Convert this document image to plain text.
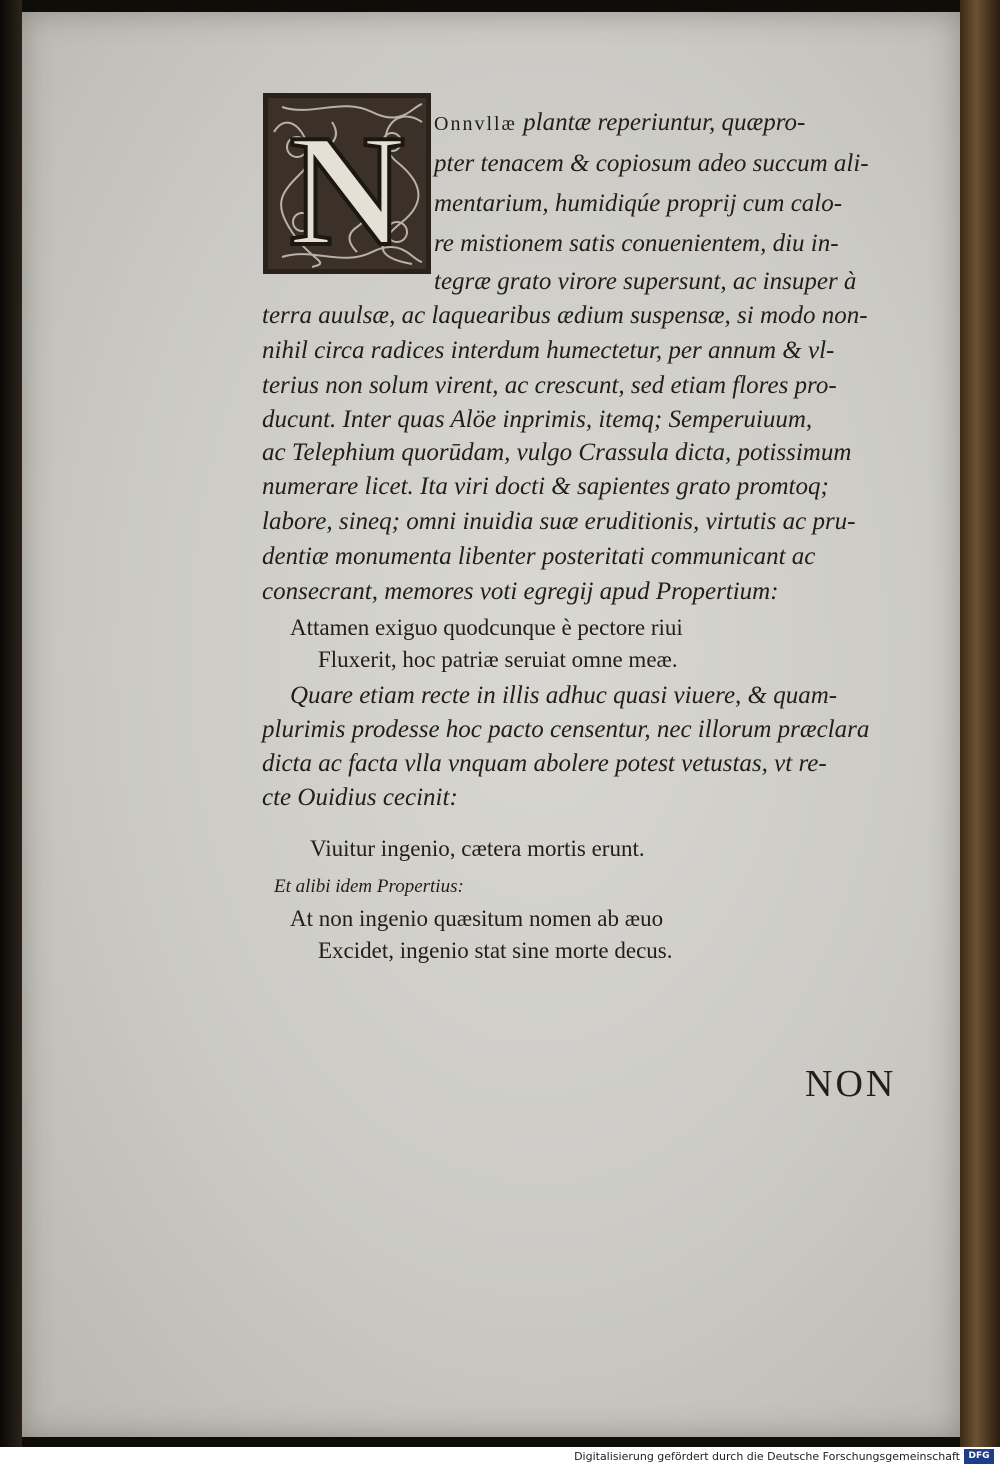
N Onnvllæ plantæ reperiuntur, quæpro-
pter tenacem & copiosum adeo succum ali-
mentarium, humidiqúe proprij cum calo-
re mistionem satis conuenientem, diu in-
tegræ grato virore supersunt, ac insuper à
terra auulsæ, ac laquearibus ædium suspensæ, si modo non-
nihil circa radices interdum humectetur, per annum & vl-
terius non solum virent, ac crescunt, sed etiam flores pro-
ducunt. Inter quas Alöe inprimis, itemq; Semperuiuum,
ac Telephium quorūdam, vulgo Crassula dicta, potissimum
numerare licet. Ita viri docti & sapientes grato promtoq;
labore, sineq; omni inuidia suæ eruditionis, virtutis ac pru-
dentiæ monumenta libenter posteritati communicant ac
consecrant, memores voti egregij apud Propertium:
Attamen exiguo quodcunque è pectore riui
Fluxerit, hoc patriæ seruiat omne meæ.
Quare etiam recte in illis adhuc quasi viuere, & quam-
plurimis prodesse hoc pacto censentur, nec illorum præclara
dicta ac facta vlla vnquam abolere potest vetustas, vt re-
cte Ouidius cecinit:
Viuitur ingenio, cætera mortis erunt.
Et alibi idem Propertius:
At non ingenio quæsitum nomen ab æuo
Excidet, ingenio stat sine morte decus.
NON
Digitalisierung gefördert durch die Deutsche Forschungsgemeinschaft DFG
